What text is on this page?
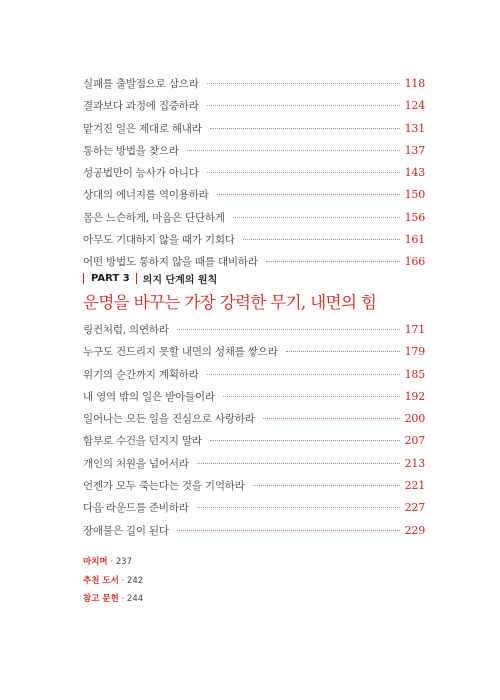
실패를 출발점으로 삼으라	118
결과보다 과정에 집중하라	124
맡겨진 일은 제대로 해내라	131
통하는 방법을 찾으라	137
성공법만이 능사가 아니다	143
상대의 에너지를 역이용하라	150
몸은 느슨하게, 마음은 단단하게	156
아무도 기대하지 않을 때가 기회다	161
어떤 방법도 통하지 않을 때를 대비하라	166
PART 3 의지 단계의 원칙
운명을 바꾸는 가장 강력한 무기, 내면의 힘
링컨처럼, 의연하라	171
누구도 건드리지 못할 내면의 성채를 쌓으라	179
위기의 순간까지 계획하라	185
내 영역 밖의 일은 받아들이라	192
일어나는 모든 일을 진심으로 사랑하라	200
함부로 수건을 던지지 말라	207
개인의 처원을 넘어서라	213
언젠가 모두 죽는다는 것을 기억하라	221
다음 라운드를 준비하라	227
장애물은 길이 된다	229
마치며 · 237
추천 도서 · 242
참고 문헌 · 244
